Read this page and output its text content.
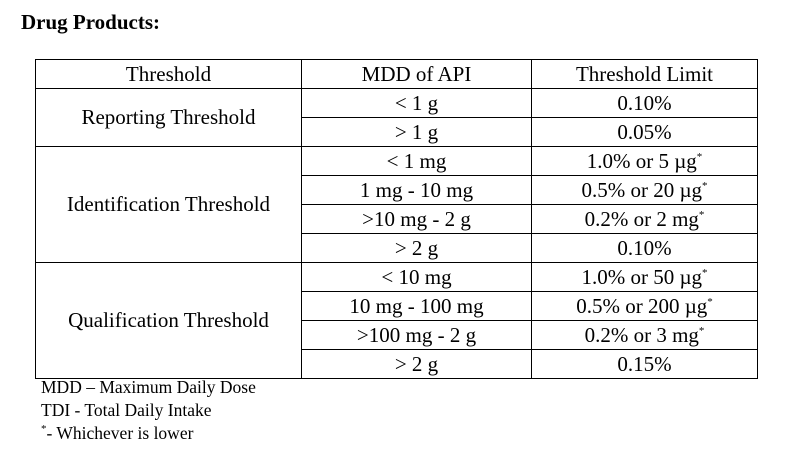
Drug Products:
Threshold	MDD of API	Threshold Limit
Reporting Threshold	< 1 g	0.10%
	> 1 g	0.05%
Identification Threshold	< 1 mg	1.0% or 5 µg*
	1 mg - 10 mg	0.5% or 20 µg*
	>10 mg - 2 g	0.2% or 2 mg*
	> 2 g	0.10%
Qualification Threshold	< 10 mg	1.0% or 50 µg*
	10 mg - 100 mg	0.5% or 200 µg*
	>100 mg - 2 g	0.2% or 3 mg*
	> 2 g	0.15%
MDD – Maximum Daily Dose
TDI - Total Daily Intake
*- Whichever is lower
